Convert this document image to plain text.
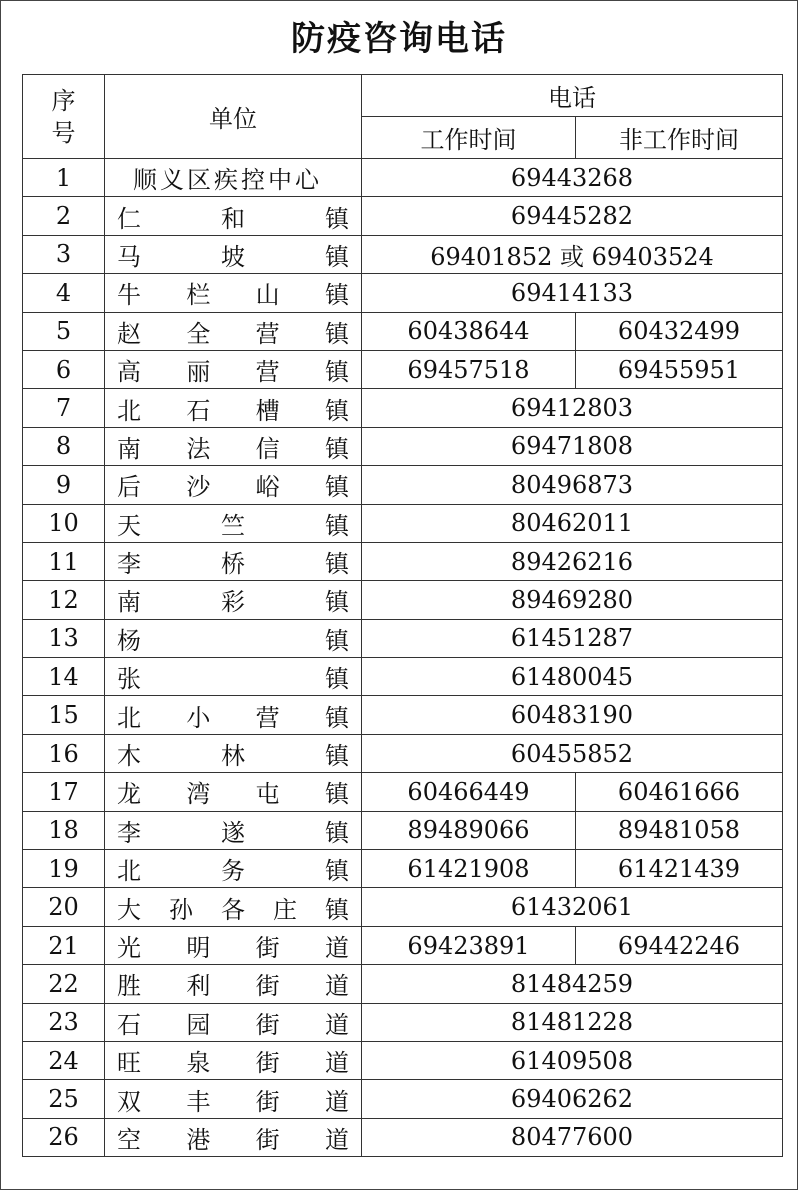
防疫咨询电话
序号	单位	电话	
		工作时间	非工作时间
1	顺义区疾控中心	69443268	
2	仁 和 镇	69445282	
3	马 坡 镇	69401852 或 69403524	
4	牛 栏 山 镇	69414133	
5	赵 全 营 镇	60438644	60432499
6	高 丽 营 镇	69457518	69455951
7	北 石 槽 镇	69412803	
8	南 法 信 镇	69471808	
9	后 沙 峪 镇	80496873	
10	天 竺 镇	80462011	
11	李 桥 镇	89426216	
12	南 彩 镇	89469280	
13	杨 镇	61451287	
14	张 镇	61480045	
15	北 小 营 镇	60483190	
16	木 林 镇	60455852	
17	龙 湾 屯 镇	60466449	60461666
18	李 遂 镇	89489066	89481058
19	北 务 镇	61421908	61421439
20	大 孙 各 庄 镇	61432061	
21	光 明 街 道	69423891	69442246
22	胜 利 街 道	81484259	
23	石 园 街 道	81481228	
24	旺 泉 街 道	61409508	
25	双 丰 街 道	69406262	
26	空 港 街 道	80477600	
